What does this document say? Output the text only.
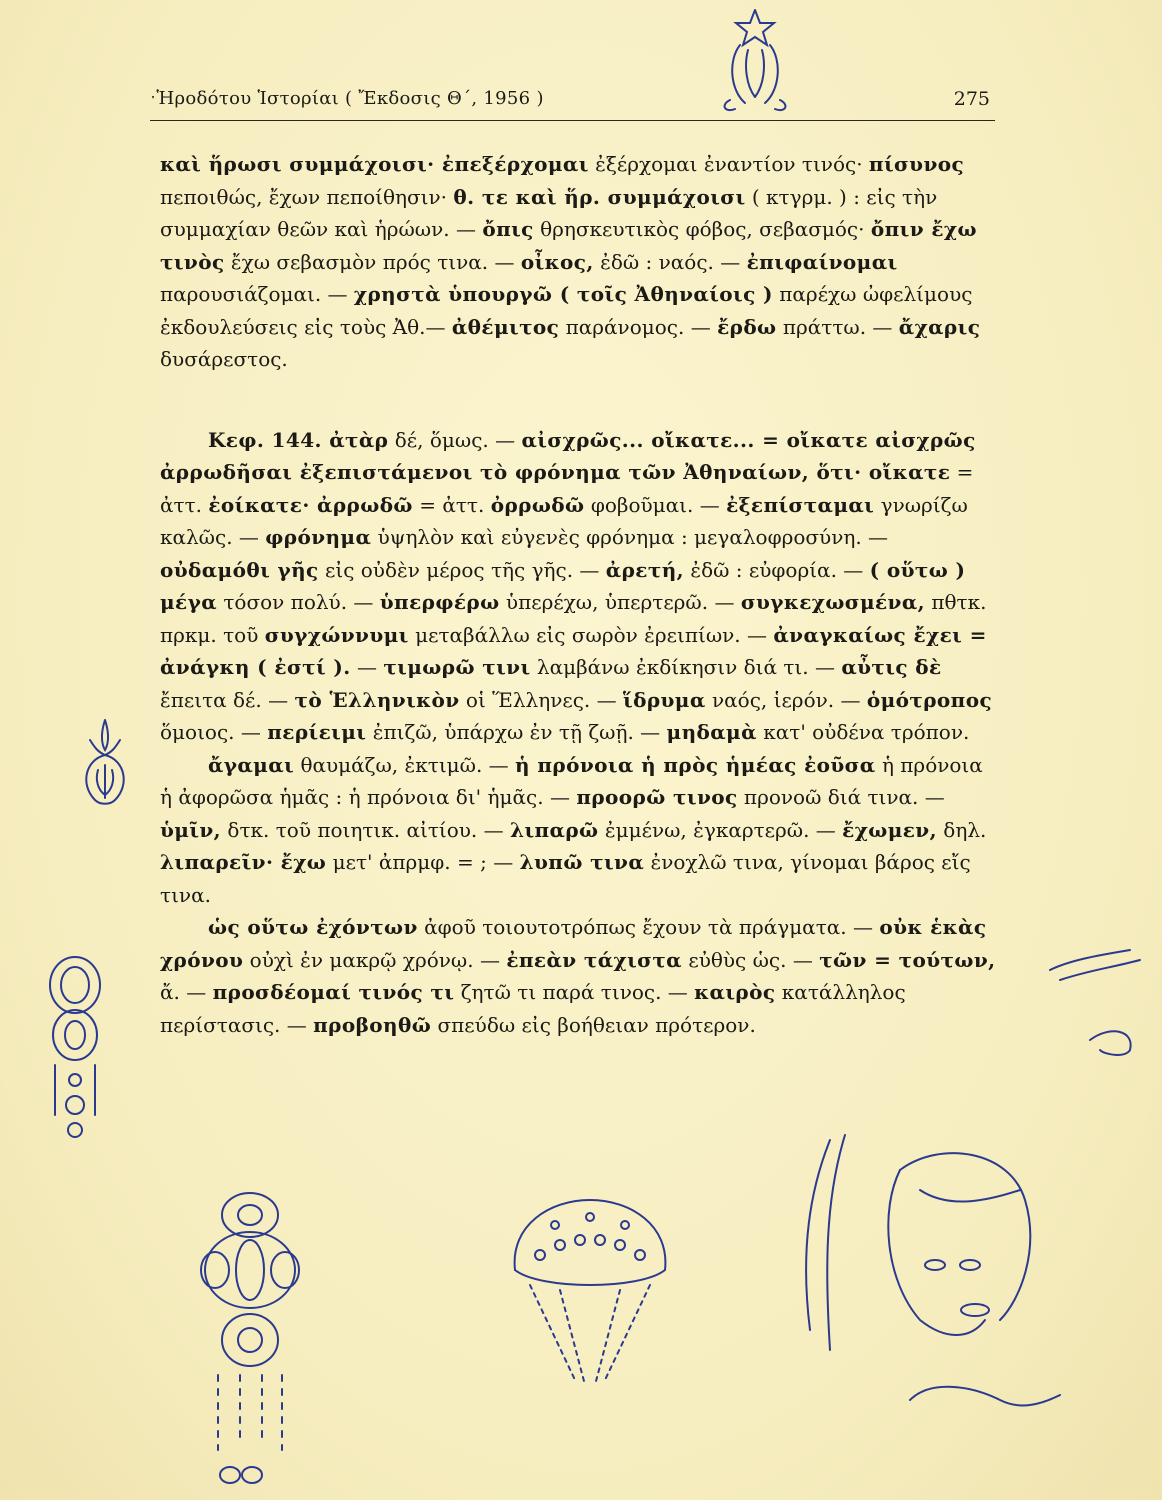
ˑἩροδότου Ἱστορίαι ( Ἔκδοσις Θ΄, 1956 )	275

καὶ ἥρωσι συμμάχοισι· ἐπεξέρχομαι ἐξέρχομαι ἐναντίον τινός· πίσυνος πεποιθώς, ἔχων πεποίθησιν· θ. τε καὶ ἥρ. συμμάχοισι ( κτγρμ. ) : εἰς τὴν συμμαχίαν θεῶν καὶ ἡρώων. — ὄπις θρησκευτικὸς φόβος, σεβασμός· ὄπιν ἔχω τινὸς ἔχω σεβασμὸν πρός τινα. — οἶκος, ἐδῶ : ναός. — ἐπιφαίνομαι παρουσιάζομαι. — χρηστὰ ὑπουργῶ ( τοῖς Ἀθηναίοις ) παρέχω ὠφελίμους ἐκδουλεύσεις εἰς τοὺς Ἀθ.— ἀθέμιτος παράνομος. — ἔρδω πράττω. — ἄχαρις δυσάρεστος.

Κεφ. 144. ἀτὰρ δέ, ὅμως. — αἰσχρῶς... οἴκατε... = οἴκατε αἰσχρῶς ἀρρωδῆσαι ἐξεπιστάμενοι τὸ φρόνημα τῶν Ἀθηναίων, ὅτι· οἴκατε = ἀττ. ἐοίκατε· ἀρρωδῶ = ἀττ. ὀρρωδῶ φοβοῦμαι. — ἐξεπίσταμαι γνωρίζω καλῶς. — φρόνημα ὑψηλὸν καὶ εὐγενὲς φρόνημα : μεγαλοφροσύνη. — οὐδαμόθι γῆς εἰς οὐδὲν μέρος τῆς γῆς. — ἀρετή, ἐδῶ : εὐφορία. — ( οὕτω ) μέγα τόσον πολύ. — ὑπερφέρω ὑπερέχω, ὑπερτερῶ. — συγκεχωσμένα, πθτκ. πρκμ. τοῦ συγχώννυμι μεταβάλλω εἰς σωρὸν ἐρειπίων. — ἀναγκαίως ἔχει = ἀνάγκη ( ἐστί ). — τιμωρῶ τινι λαμβάνω ἐκδίκησιν διά τι. — αὖτις δὲ ἔπειτα δέ. — τὸ Ἑλληνικὸν οἱ Ἕλληνες. — ἵδρυμα ναός, ἱερόν. — ὁμότροπος ὅμοιος. — περίειμι ἐπιζῶ, ὑπάρχω ἐν τῇ ζωῇ. — μηδαμὰ κατ' οὐδένα τρόπον.

ἄγαμαι θαυμάζω, ἐκτιμῶ. — ἡ πρόνοια ἡ πρὸς ἡμέας ἐοῦσα ἡ πρόνοια ἡ ἀφορῶσα ἡμᾶς : ἡ πρόνοια δι' ἡμᾶς. — προορῶ τινος προνοῶ διά τινα. — ὑμῖν, δτκ. τοῦ ποιητικ. αἰτίου. — λιπαρῶ ἐμμένω, ἐγκαρτερῶ. — ἔχωμεν, δηλ. λιπαρεῖν· ἔχω μετ' ἀπρμφ. = ; — λυπῶ τινα ἐνοχλῶ τινα, γίνομαι βάρος εἴς τινα.

ὡς οὕτω ἐχόντων ἀφοῦ τοιουτοτρόπως ἔχουν τὰ πράγματα. — οὐκ ἑκὰς χρόνου οὐχὶ ἐν μακρῷ χρόνῳ. — ἐπεὰν τάχιστα εὐθὺς ὡς. — τῶν = τούτων, ἄ. — προσδέομαί τινός τι ζητῶ τι παρά τινος. — καιρὸς κατάλληλος περίστασις. — προβοηθῶ σπεύδω εἰς βοήθειαν πρότερον.
